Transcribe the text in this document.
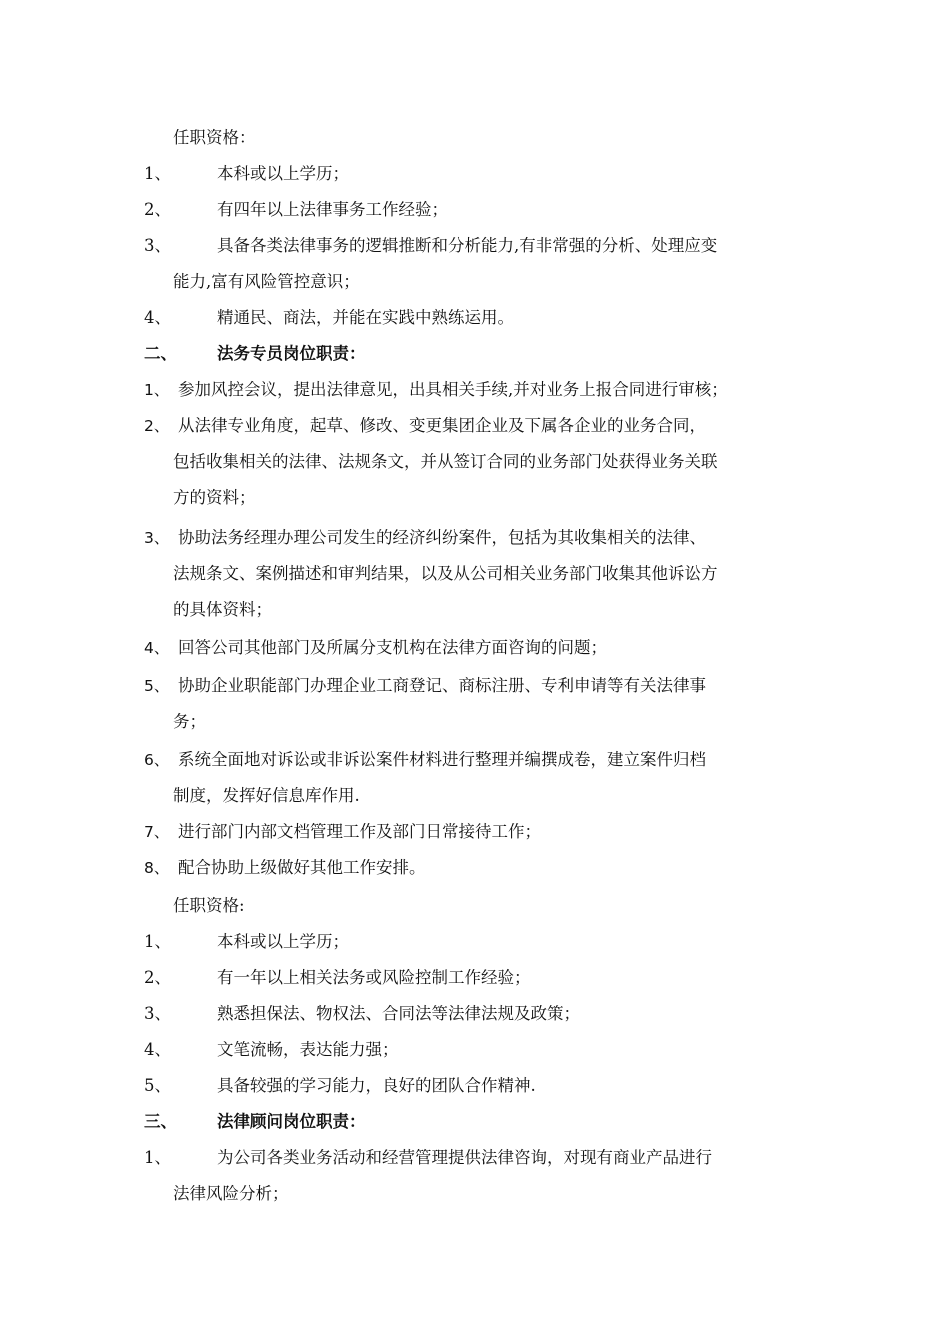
任职资格：
1、	本科或以上学历；
2、	有四年以上法律事务工作经验；
3、	具备各类法律事务的逻辑推断和分析能力,有非常强的分析、处理应变
能力,富有风险管控意识；
4、	精通民、商法，并能在实践中熟练运用。
二、 法务专员岗位职责：
1、 参加风控会议，提出法律意见，出具相关手续,并对业务上报合同进行审核；
2、 从法律专业角度，起草、修改、变更集团企业及下属各企业的业务合同，
包括收集相关的法律、法规条文，并从签订合同的业务部门处获得业务关联
方的资料；
3、 协助法务经理办理公司发生的经济纠纷案件，包括为其收集相关的法律、
法规条文、案例描述和审判结果，以及从公司相关业务部门收集其他诉讼方
的具体资料；
4、 回答公司其他部门及所属分支机构在法律方面咨询的问题；
5、 协助企业职能部门办理企业工商登记、商标注册、专利申请等有关法律事
务；
6、 系统全面地对诉讼或非诉讼案件材料进行整理并编撰成卷，建立案件归档
制度，发挥好信息库作用.
7、 进行部门内部文档管理工作及部门日常接待工作；
8、 配合协助上级做好其他工作安排。
任职资格:
1、	本科或以上学历；
2、	有一年以上相关法务或风险控制工作经验；
3、	熟悉担保法、物权法、合同法等法律法规及政策；
4、	文笔流畅，表达能力强；
5、	具备较强的学习能力，良好的团队合作精神.
三、 法律顾问岗位职责：
1、	为公司各类业务活动和经营管理提供法律咨询，对现有商业产品进行
法律风险分析；
